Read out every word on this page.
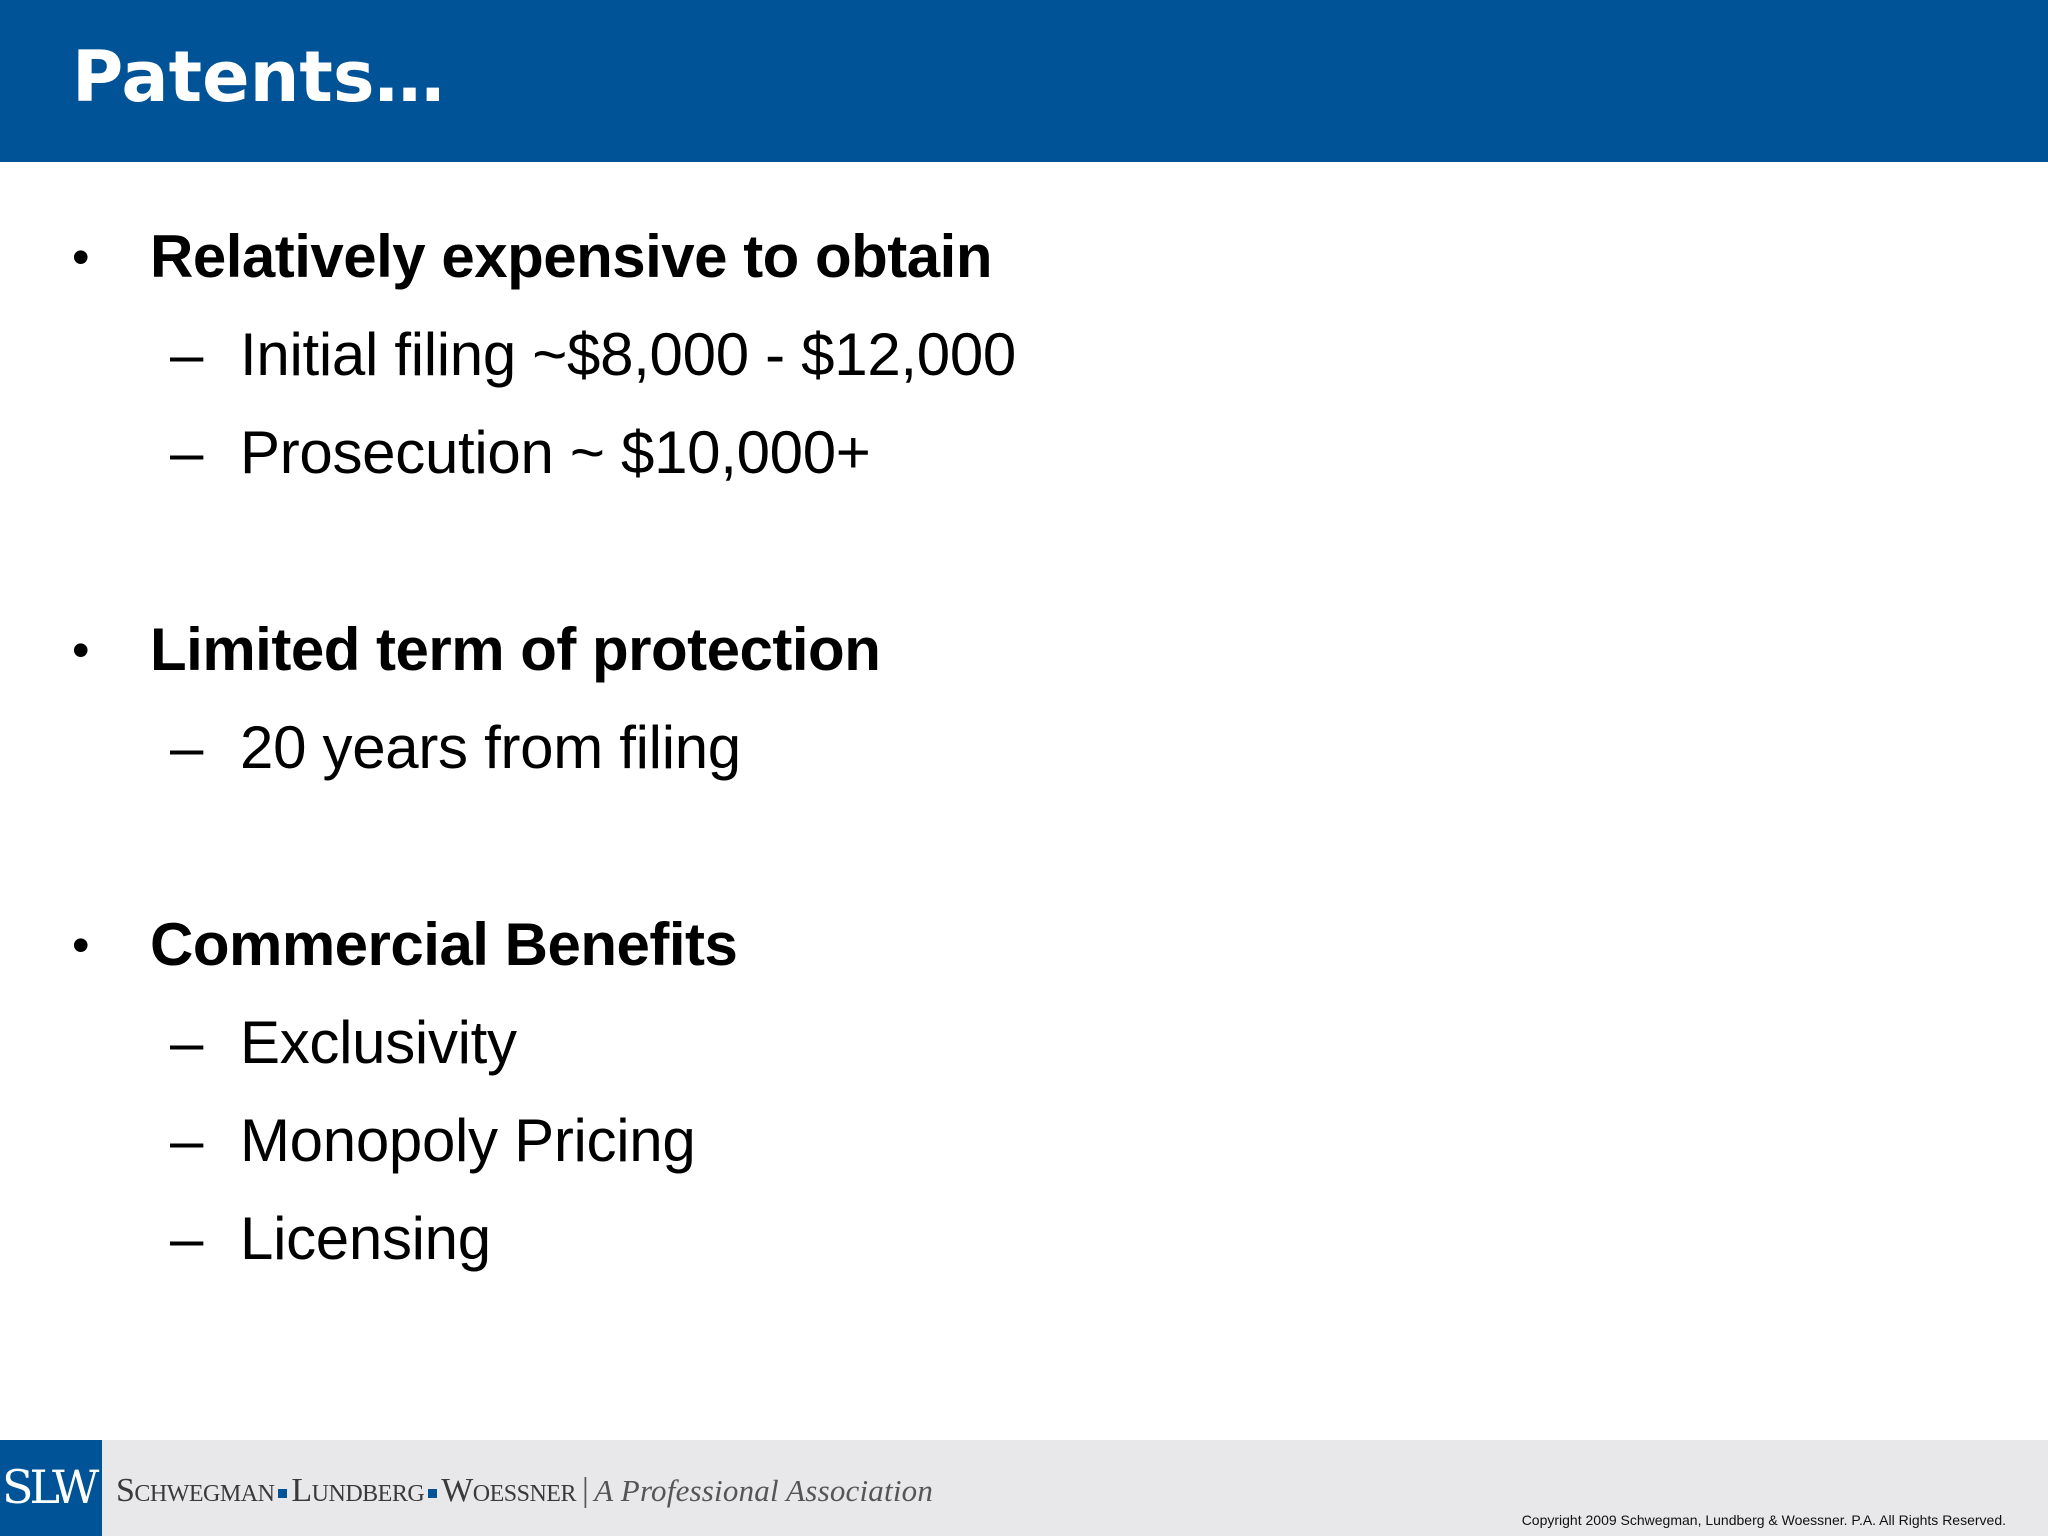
Patents…
• Relatively expensive to obtain
– Initial filing ~$8,000 - $12,000
– Prosecution ~ $10,000+
• Limited term of protection
– 20 years from filing
• Commercial Benefits
– Exclusivity
– Monopoly Pricing
– Licensing
SLW Schwegman Lundberg Woessner | A Professional Association
Copyright 2009 Schwegman, Lundberg & Woessner. P.A. All Rights Reserved.
